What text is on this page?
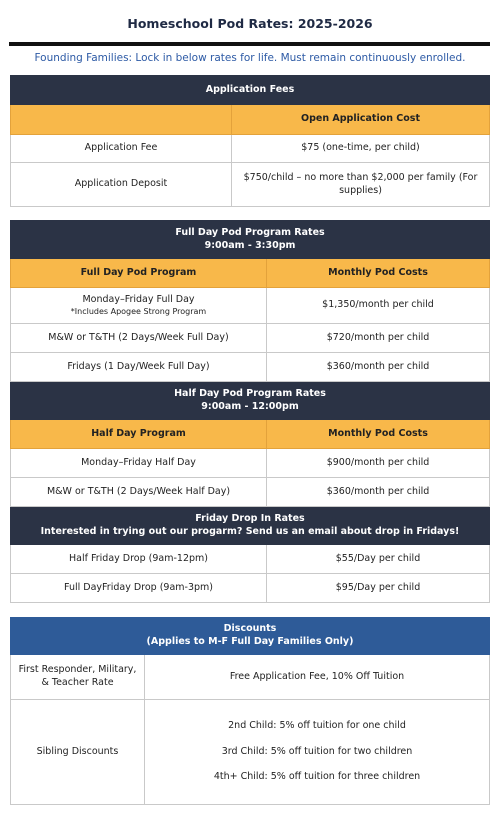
Homeschool Pod Rates: 2025-2026
Founding Families: Lock in below rates for life. Must remain continuously enrolled.
Application Fees	
	Open Application Cost
Application Fee	$75 (one-time, per child)
Application Deposit	$750/child – no more than $2,000 per family (For supplies)
Full Day Pod Program Rates
9:00am - 3:30pm	

Full Day Pod Program	Monthly Pod Costs

Monday–Friday Full Day
*Includes Apogee Strong Program	$1,350/month per child
M&W or T&TH (2 Days/Week Full Day)	$720/month per child
Fridays (1 Day/Week Full Day)	$360/month per child

Half Day Pod Program Rates
9:00am - 12:00pm	

Half Day Program	Monthly Pod Costs
Monday–Friday Half Day	$900/month per child
M&W or T&TH (2 Days/Week Half Day)	$360/month per child

Friday Drop In Rates
Interested in trying out our progarm? Send us an email about drop in Fridays!	

Half Friday Drop (9am-12pm)	$55/Day per child
Full DayFriday Drop (9am-3pm)	$95/Day per child
Discounts
(Applies to M-F Full Day Families Only)	

First Responder, Military, & Teacher Rate	Free Application Fee, 10% Off Tuition
Sibling Discounts	2nd Child: 5% off tuition for one child
3rd Child: 5% off tuition for two children
4th+ Child: 5% off tuition for three children
